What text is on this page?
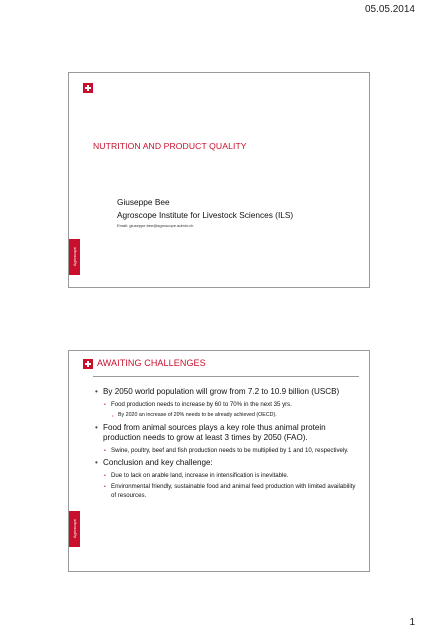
05.05.2014
NUTRITION AND PRODUCT QUALITY

Giuseppe Bee

Agroscope Institute for Livestock Sciences (ILS)

Email: giuseppe.bee@agroscope.admin.ch

Agroscope
AWAITING CHALLENGES

• By 2050 world population will grow from 7.2 to 10.9 billion (USCB)

• Food production needs to increase by 60 to 70% in the next 35 yrs.

• By 2020 an increase of 20% needs to be already achieved (OECD).

• Food from animal sources plays a key role thus animal protein production needs to grow at least 3 times by 2050 (FAO).

• Swine, poultry, beef and fish production needs to be multiplied by 1 and 10, respectively.

• Conclusion and key challenge:

• Due to lack on arable land, increase in intensification is inevitable.

• Environmental friendly, sustainable food and animal feed production with limited availability of resources.

Agroscope
1
